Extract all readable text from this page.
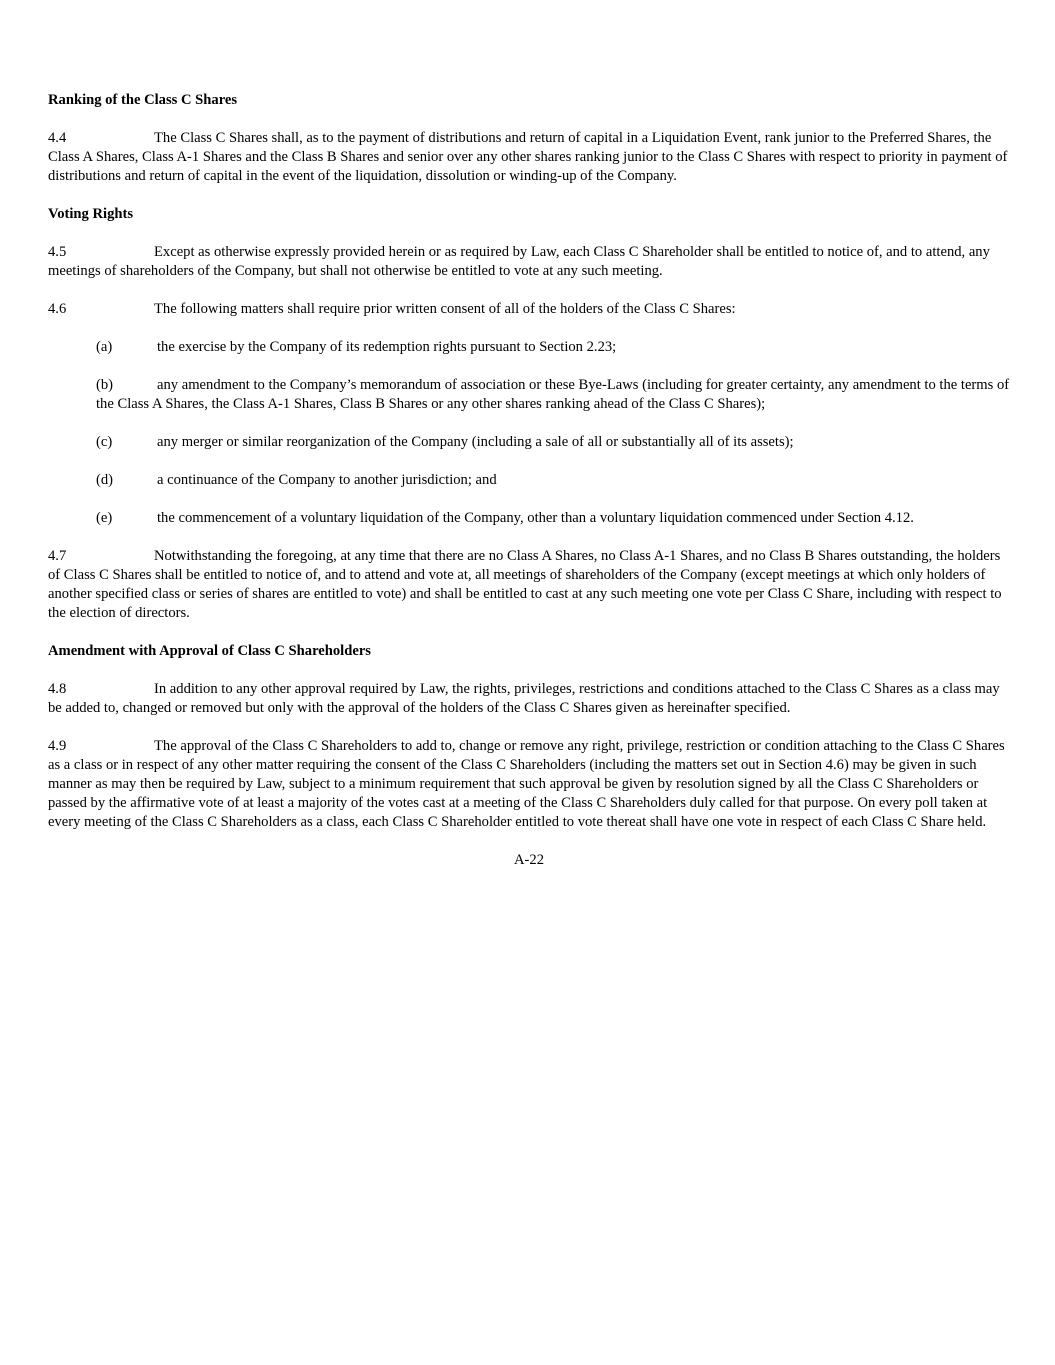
Ranking of the Class C Shares

4.4	The Class C Shares shall, as to the payment of distributions and return of capital in a Liquidation Event, rank junior to the Preferred Shares, the Class A Shares, Class A-1 Shares and the Class B Shares and senior over any other shares ranking junior to the Class C Shares with respect to priority in payment of distributions and return of capital in the event of the liquidation, dissolution or winding-up of the Company.

Voting Rights

4.5	Except as otherwise expressly provided herein or as required by Law, each Class C Shareholder shall be entitled to notice of, and to attend, any meetings of shareholders of the Company, but shall not otherwise be entitled to vote at any such meeting.

4.6	The following matters shall require prior written consent of all of the holders of the Class C Shares:

(a)	the exercise by the Company of its redemption rights pursuant to Section 2.23;

(b)	any amendment to the Company’s memorandum of association or these Bye-Laws (including for greater certainty, any amendment to the terms of the Class A Shares, the Class A-1 Shares, Class B Shares or any other shares ranking ahead of the Class C Shares);

(c)	any merger or similar reorganization of the Company (including a sale of all or substantially all of its assets);

(d)	a continuance of the Company to another jurisdiction; and

(e)	the commencement of a voluntary liquidation of the Company, other than a voluntary liquidation commenced under Section 4.12.

4.7	Notwithstanding the foregoing, at any time that there are no Class A Shares, no Class A-1 Shares, and no Class B Shares outstanding, the holders of Class C Shares shall be entitled to notice of, and to attend and vote at, all meetings of shareholders of the Company (except meetings at which only holders of another specified class or series of shares are entitled to vote) and shall be entitled to cast at any such meeting one vote per Class C Share, including with respect to the election of directors.

Amendment with Approval of Class C Shareholders

4.8	In addition to any other approval required by Law, the rights, privileges, restrictions and conditions attached to the Class C Shares as a class may be added to, changed or removed but only with the approval of the holders of the Class C Shares given as hereinafter specified.

4.9	The approval of the Class C Shareholders to add to, change or remove any right, privilege, restriction or condition attaching to the Class C Shares as a class or in respect of any other matter requiring the consent of the Class C Shareholders (including the matters set out in Section 4.6) may be given in such manner as may then be required by Law, subject to a minimum requirement that such approval be given by resolution signed by all the Class C Shareholders or passed by the affirmative vote of at least a majority of the votes cast at a meeting of the Class C Shareholders duly called for that purpose. On every poll taken at every meeting of the Class C Shareholders as a class, each Class C Shareholder entitled to vote thereat shall have one vote in respect of each Class C Share held.

A-22
